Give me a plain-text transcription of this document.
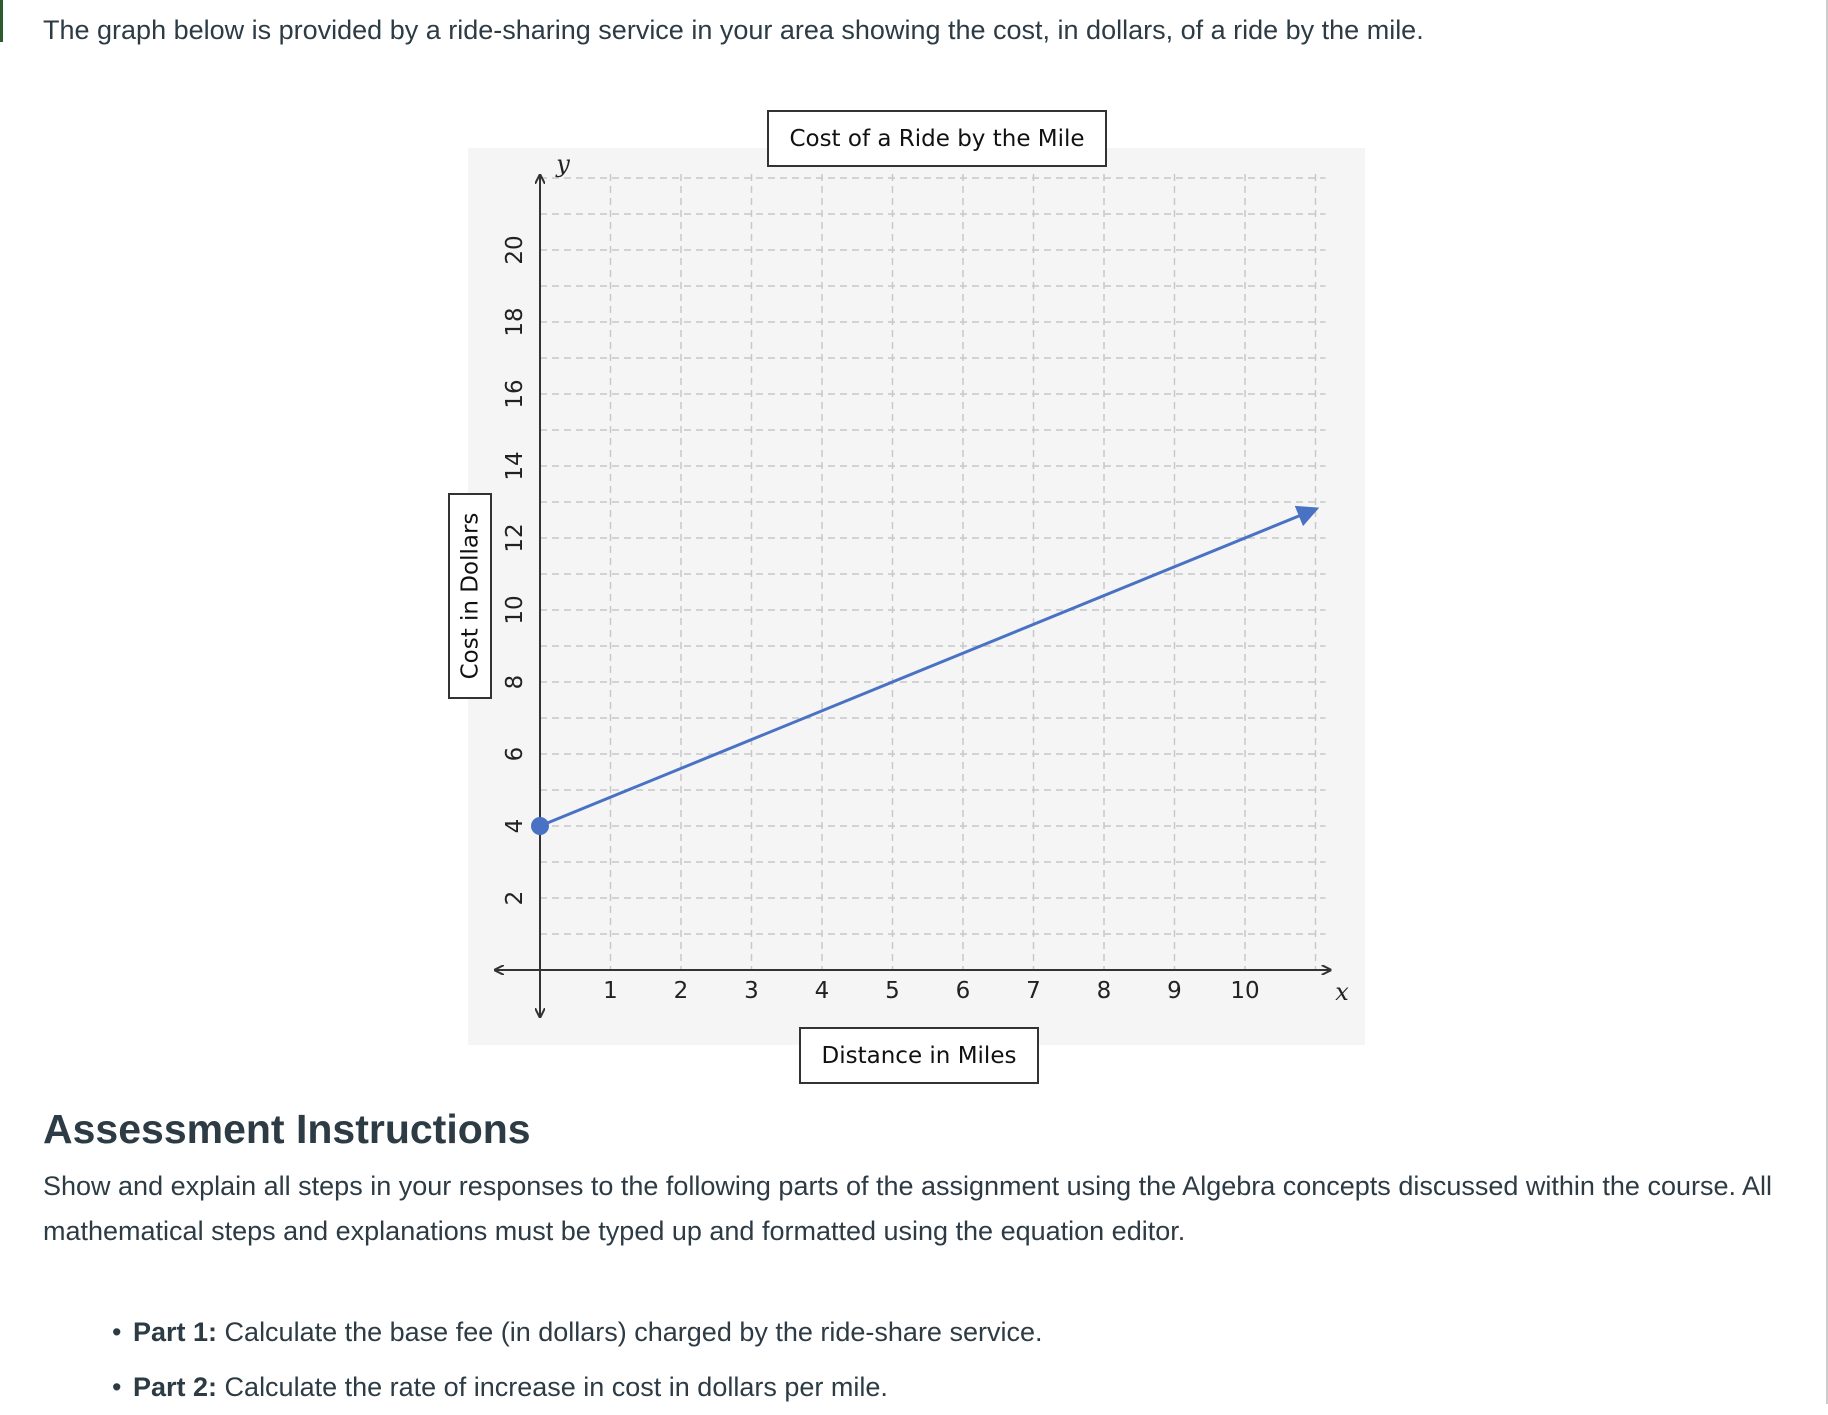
The graph below is provided by a ride-sharing service in your area showing the cost, in dollars, of a ride by the mile.

1 2 3 4 5 6 7 8 9 10
2
4
6
8
10
12
14
16
18
20
x
y
Cost of a Ride by the Mile
Distance in Miles
Cost in Dollars
Assessment Instructions

Show and explain all steps in your responses to the following parts of the assignment using the Algebra concepts discussed within the course. All mathematical steps and explanations must be typed up and formatted using the equation editor.

• Part 1: Calculate the base fee (in dollars) charged by the ride-share service.
• Part 2: Calculate the rate of increase in cost in dollars per mile.
